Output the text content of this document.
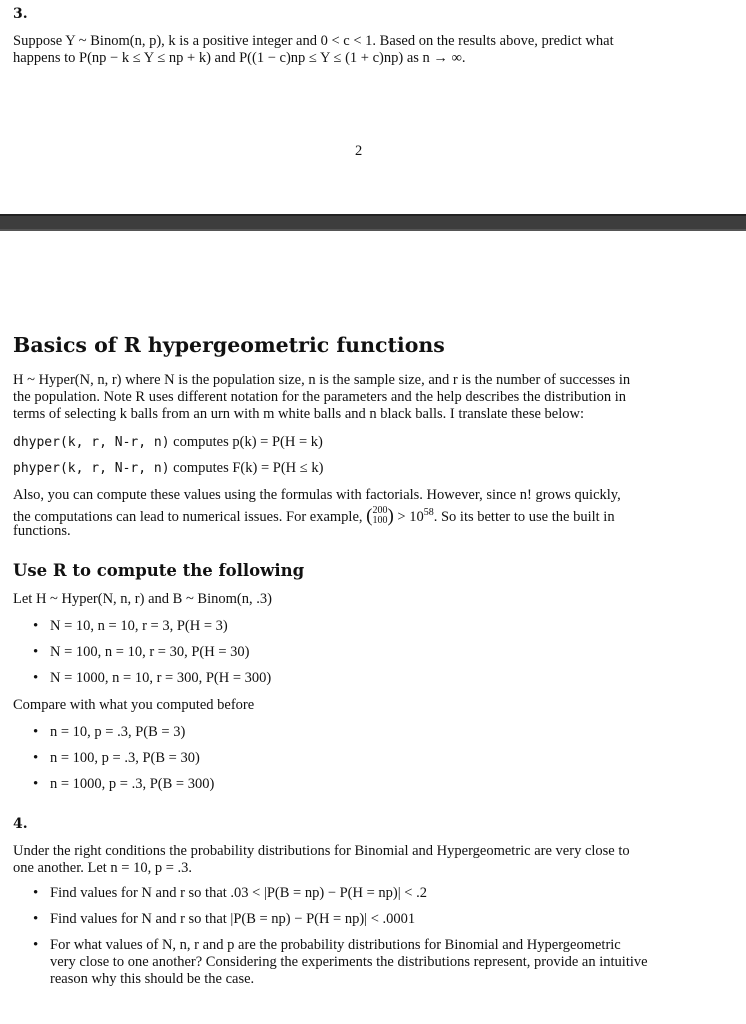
3.
Suppose Y ~ Binom(n, p), k is a positive integer and 0 < c < 1. Based on the results above, predict what
happens to P(np − k ≤ Y ≤ np + k) and P((1 − c)np ≤ Y ≤ (1 + c)np) as n → ∞.
2
Basics of R hypergeometric functions
H ~ Hyper(N, n, r) where N is the population size, n is the sample size, and r is the number of successes in
the population. Note R uses different notation for the parameters and the help describes the distribution in
terms of selecting k balls from an urn with m white balls and n black balls. I translate these below:
dhyper(k, r, N-r, n) computes p(k) = P(H = k)
phyper(k, r, N-r, n) computes F(k) = P(H ≤ k)
Also, you can compute these values using the formulas with factorials. However, since n! grows quickly,
the computations can lead to numerical issues. For example, ( 200
100 ) > $10^{58}$. So its better to use the built in
functions.
Use R to compute the following
Let H ~ Hyper(N, n, r) and B ~ Binom(n, .3)
• N = 10, n = 10, r = 3, P(H = 3)
• N = 100, n = 10, r = 30, P(H = 30)
• N = 1000, n = 10, r = 300, P(H = 300)
Compare with what you computed before
• n = 10, p = .3, P(B = 3)
• n = 100, p = .3, P(B = 30)
• n = 1000, p = .3, P(B = 300)
4.
Under the right conditions the probability distributions for Binomial and Hypergeometric are very close to
one another. Let n = 10, p = .3.
• Find values for N and r so that .03 < |P(B = np) − P(H = np)| < .2
• Find values for N and r so that |P(B = np) − P(H = np)| < .0001
• For what values of N, n, r and p are the probability distributions for Binomial and Hypergeometric
very close to one another? Considering the experiments the distributions represent, provide an intuitive
reason why this should be the case.
